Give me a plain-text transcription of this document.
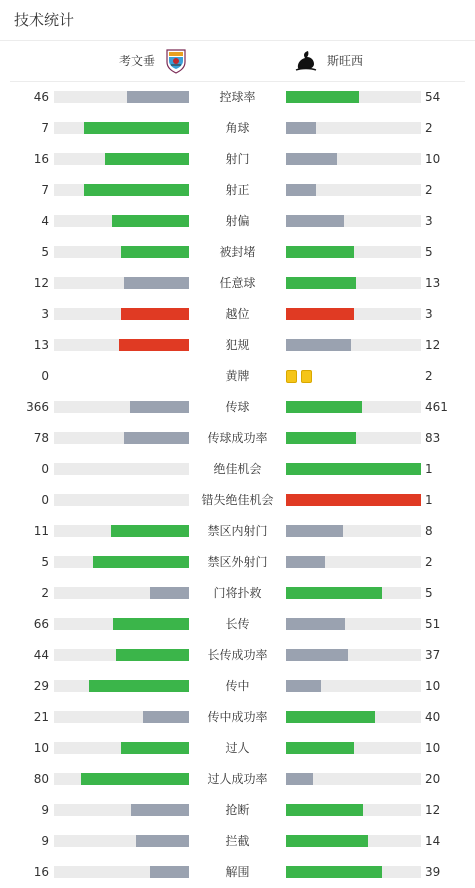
技术统计
考文垂	斯旺西
46	控球率	54
7	角球	2
16	射门	10
7	射正	2
4	射偏	3
5	被封堵	5
12	任意球	13
3	越位	3
13	犯规	12
0	黄牌	2
366	传球	461
78	传球成功率	83
0	绝佳机会	1
0	错失绝佳机会	1
11	禁区内射门	8
5	禁区外射门	2
2	门将扑救	5
66	长传	51
44	长传成功率	37
29	传中	10
21	传中成功率	40
10	过人	10
80	过人成功率	20
9	抢断	12
9	拦截	14
16	解围	39
